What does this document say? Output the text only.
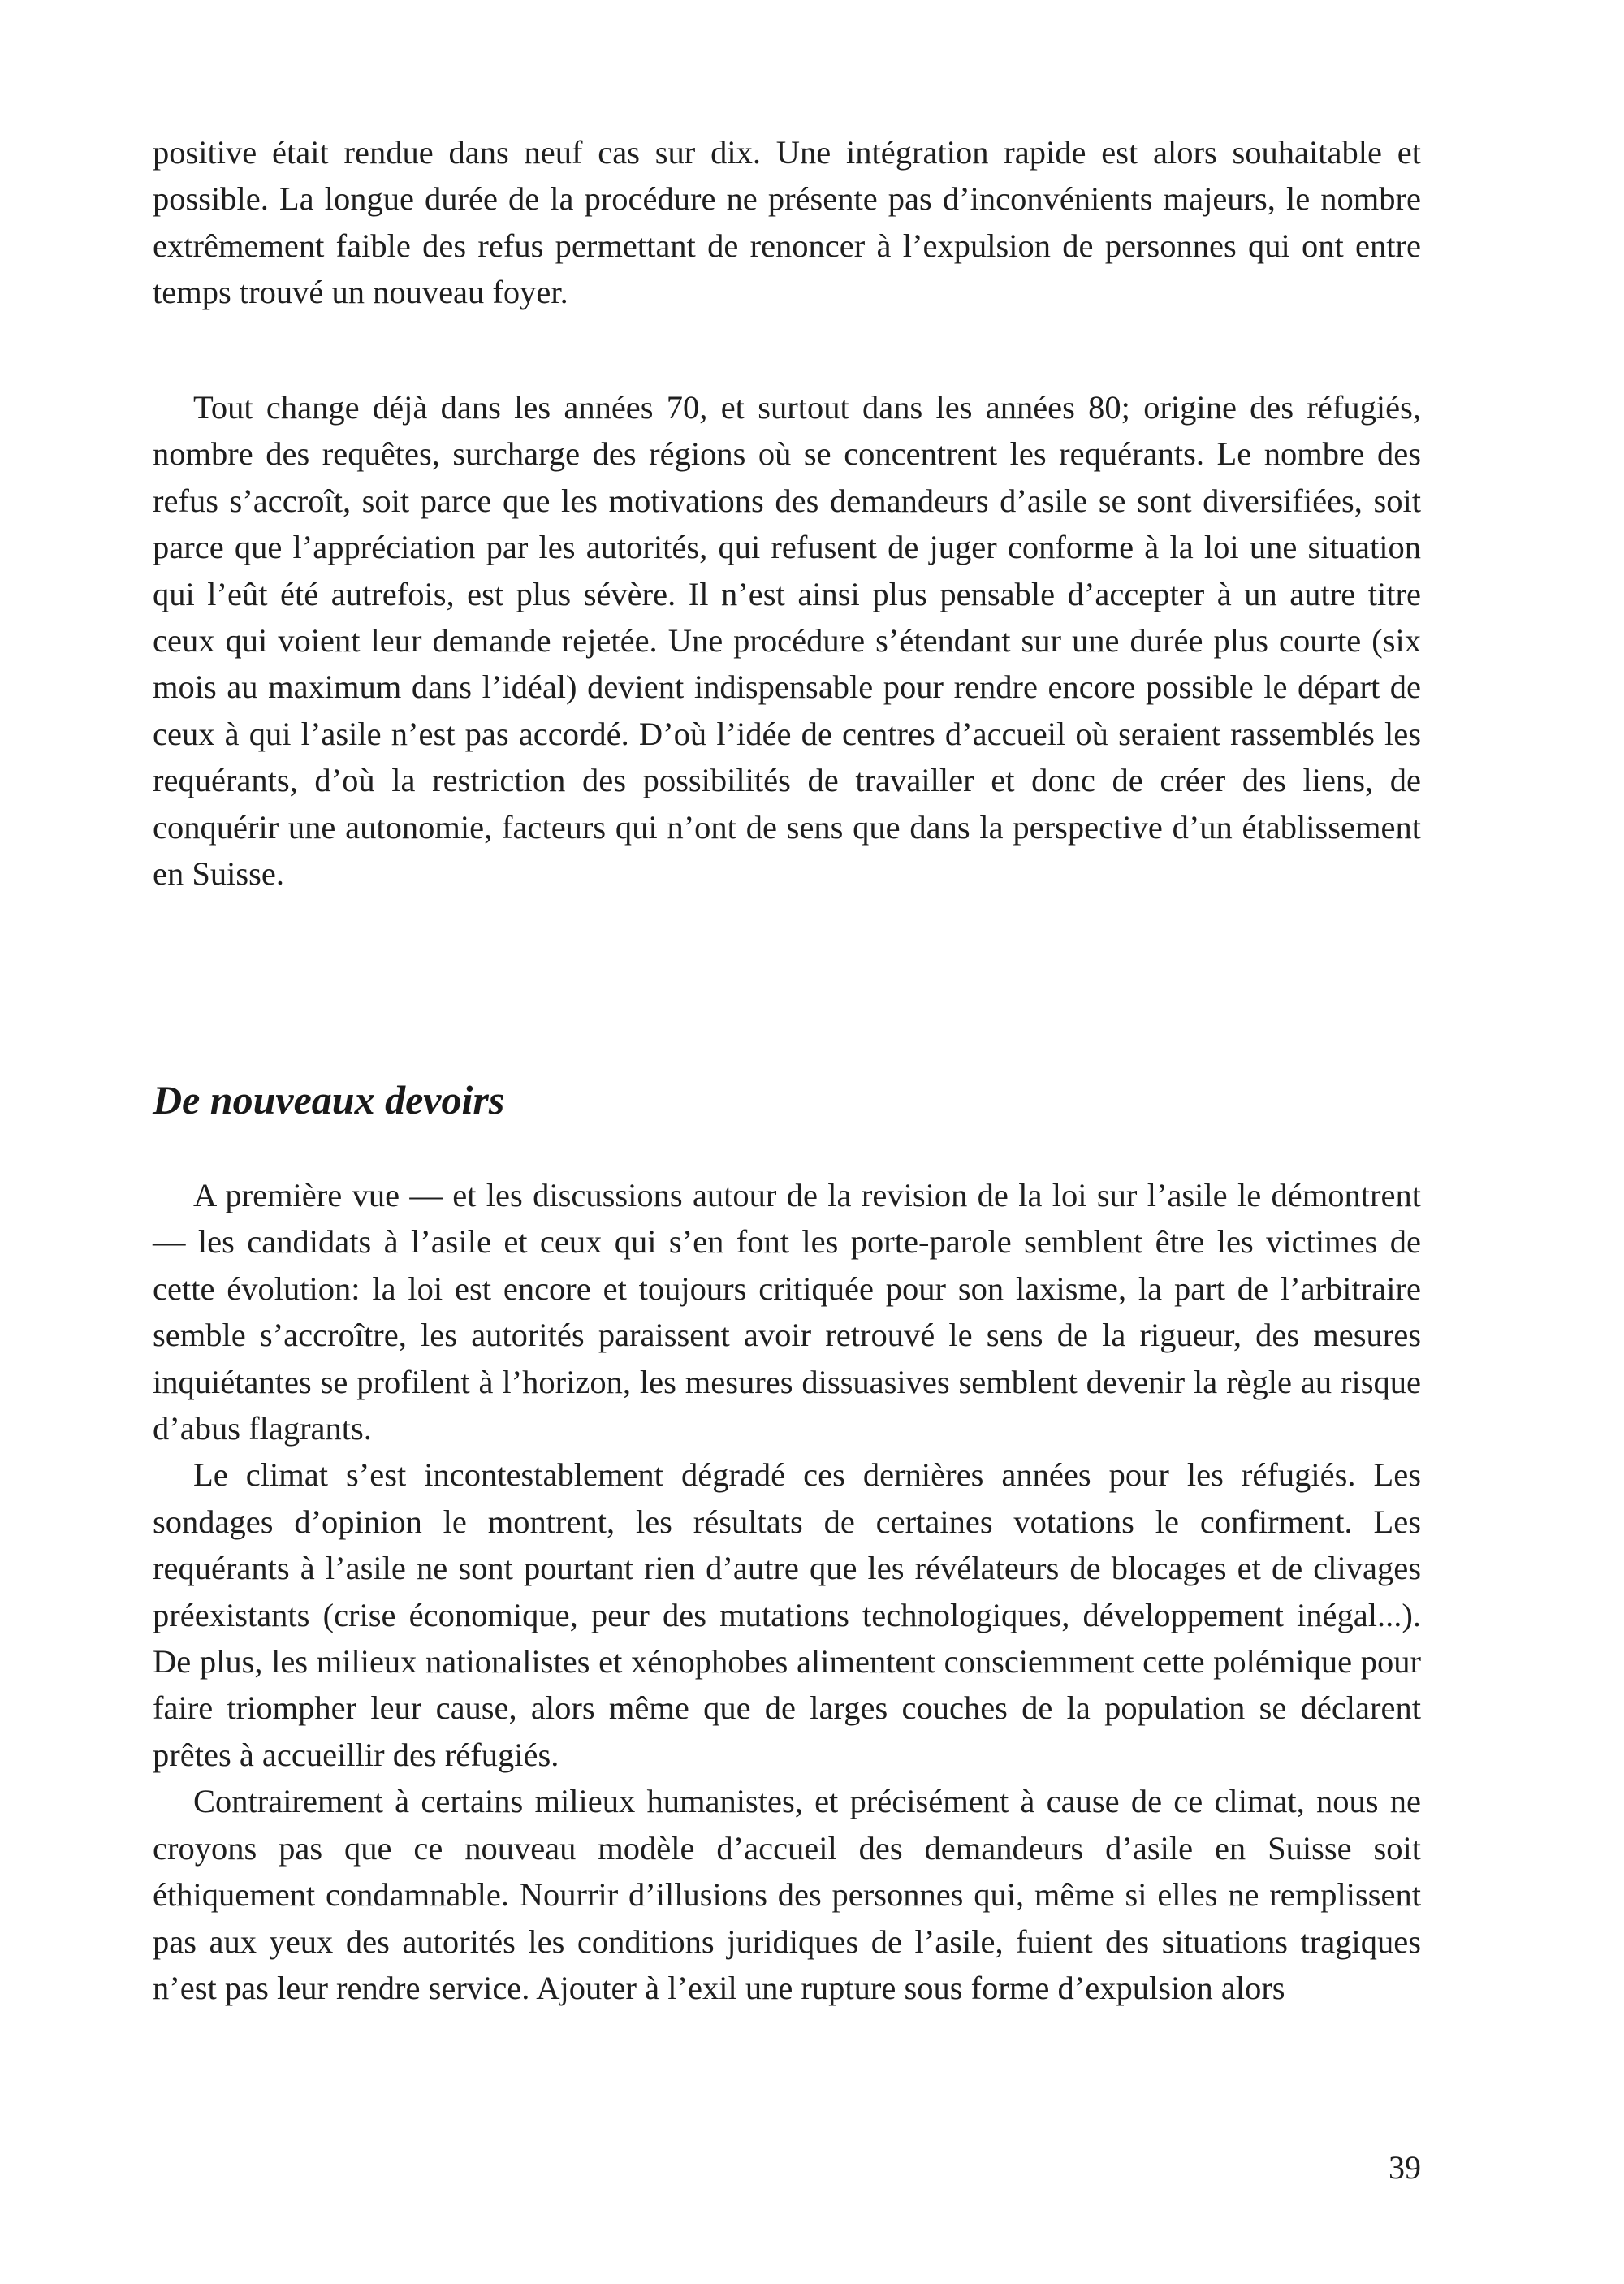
positive était rendue dans neuf cas sur dix. Une intégration rapide est alors souhaitable et possible. La longue durée de la procédure ne présente pas d’inconvénients majeurs, le nombre extrêmement faible des refus permettant de renoncer à l’expulsion de personnes qui ont entre temps trouvé un nouveau foyer.

Tout change déjà dans les années 70, et surtout dans les années 80; origine des réfugiés, nombre des requêtes, surcharge des régions où se concentrent les requérants. Le nombre des refus s’accroît, soit parce que les motivations des demandeurs d’asile se sont diversifiées, soit parce que l’appréciation par les autorités, qui refusent de juger conforme à la loi une situation qui l’eût été autrefois, est plus sévère. Il n’est ainsi plus pensable d’accepter à un autre titre ceux qui voient leur demande rejetée. Une procédure s’étendant sur une durée plus courte (six mois au maximum dans l’idéal) devient indispensable pour rendre encore possible le départ de ceux à qui l’asile n’est pas accordé. D’où l’idée de centres d’accueil où seraient rassemblés les requérants, d’où la restriction des possibilités de travailler et donc de créer des liens, de conquérir une autonomie, facteurs qui n’ont de sens que dans la perspective d’un établissement en Suisse.

De nouveaux devoirs

A première vue — et les discussions autour de la revision de la loi sur l’asile le démontrent — les candidats à l’asile et ceux qui s’en font les porte-parole semblent être les victimes de cette évolution: la loi est encore et toujours critiquée pour son laxisme, la part de l’arbitraire semble s’accroître, les autorités paraissent avoir retrouvé le sens de la rigueur, des mesures inquiétantes se profilent à l’horizon, les mesures dissuasives semblent devenir la règle au risque d’abus flagrants.

Le climat s’est incontestablement dégradé ces dernières années pour les réfugiés. Les sondages d’opinion le montrent, les résultats de certaines votations le confirment. Les requérants à l’asile ne sont pourtant rien d’autre que les révélateurs de blocages et de clivages préexistants (crise économique, peur des mutations technologiques, développement inégal...). De plus, les milieux nationalistes et xénophobes alimentent consciemment cette polémique pour faire triompher leur cause, alors même que de larges couches de la population se déclarent prêtes à accueillir des réfugiés.

Contrairement à certains milieux humanistes, et précisément à cause de ce climat, nous ne croyons pas que ce nouveau modèle d’accueil des demandeurs d’asile en Suisse soit éthiquement condamnable. Nourrir d’illusions des personnes qui, même si elles ne remplissent pas aux yeux des autorités les conditions juridiques de l’asile, fuient des situations tragiques n’est pas leur rendre service. Ajouter à l’exil une rupture sous forme d’expulsion alors

39
